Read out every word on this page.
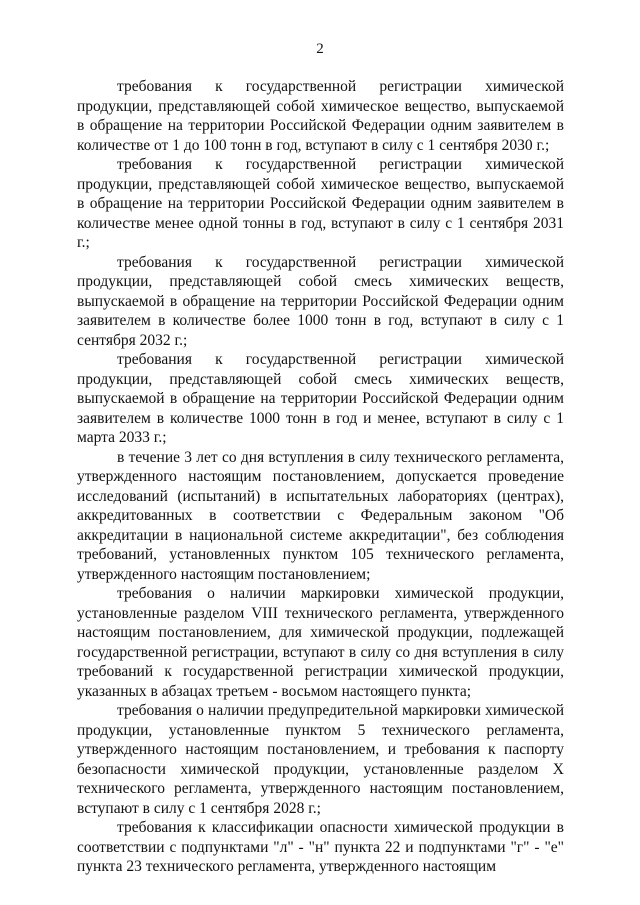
2

требования к государственной регистрации химической продукции, представляющей собой химическое вещество, выпускаемой в обращение на территории Российской Федерации одним заявителем в количестве от 1 до 100 тонн в год, вступают в силу с 1 сентября 2030 г.;

требования к государственной регистрации химической продукции, представляющей собой химическое вещество, выпускаемой в обращение на территории Российской Федерации одним заявителем в количестве менее одной тонны в год, вступают в силу с 1 сентября 2031 г.;

требования к государственной регистрации химической продукции, представляющей собой смесь химических веществ, выпускаемой в обращение на территории Российской Федерации одним заявителем в количестве более 1000 тонн в год, вступают в силу с 1 сентября 2032 г.;

требования к государственной регистрации химической продукции, представляющей собой смесь химических веществ, выпускаемой в обращение на территории Российской Федерации одним заявителем в количестве 1000 тонн в год и менее, вступают в силу с 1 марта 2033 г.;

в течение 3 лет со дня вступления в силу технического регламента, утвержденного настоящим постановлением, допускается проведение исследований (испытаний) в испытательных лабораториях (центрах), аккредитованных в соответствии с Федеральным законом "Об аккредитации в национальной системе аккредитации", без соблюдения требований, установленных пунктом 105 технического регламента, утвержденного настоящим постановлением;

требования о наличии маркировки химической продукции, установленные разделом VIII технического регламента, утвержденного настоящим постановлением, для химической продукции, подлежащей государственной регистрации, вступают в силу со дня вступления в силу требований к государственной регистрации химической продукции, указанных в абзацах третьем - восьмом настоящего пункта;

требования о наличии предупредительной маркировки химической продукции, установленные пунктом 5 технического регламента, утвержденного настоящим постановлением, и требования к паспорту безопасности химической продукции, установленные разделом X технического регламента, утвержденного настоящим постановлением, вступают в силу с 1 сентября 2028 г.;

требования к классификации опасности химической продукции в соответствии с подпунктами "л" - "н" пункта 22 и подпунктами "г" - "е" пункта 23 технического регламента, утвержденного настоящим
